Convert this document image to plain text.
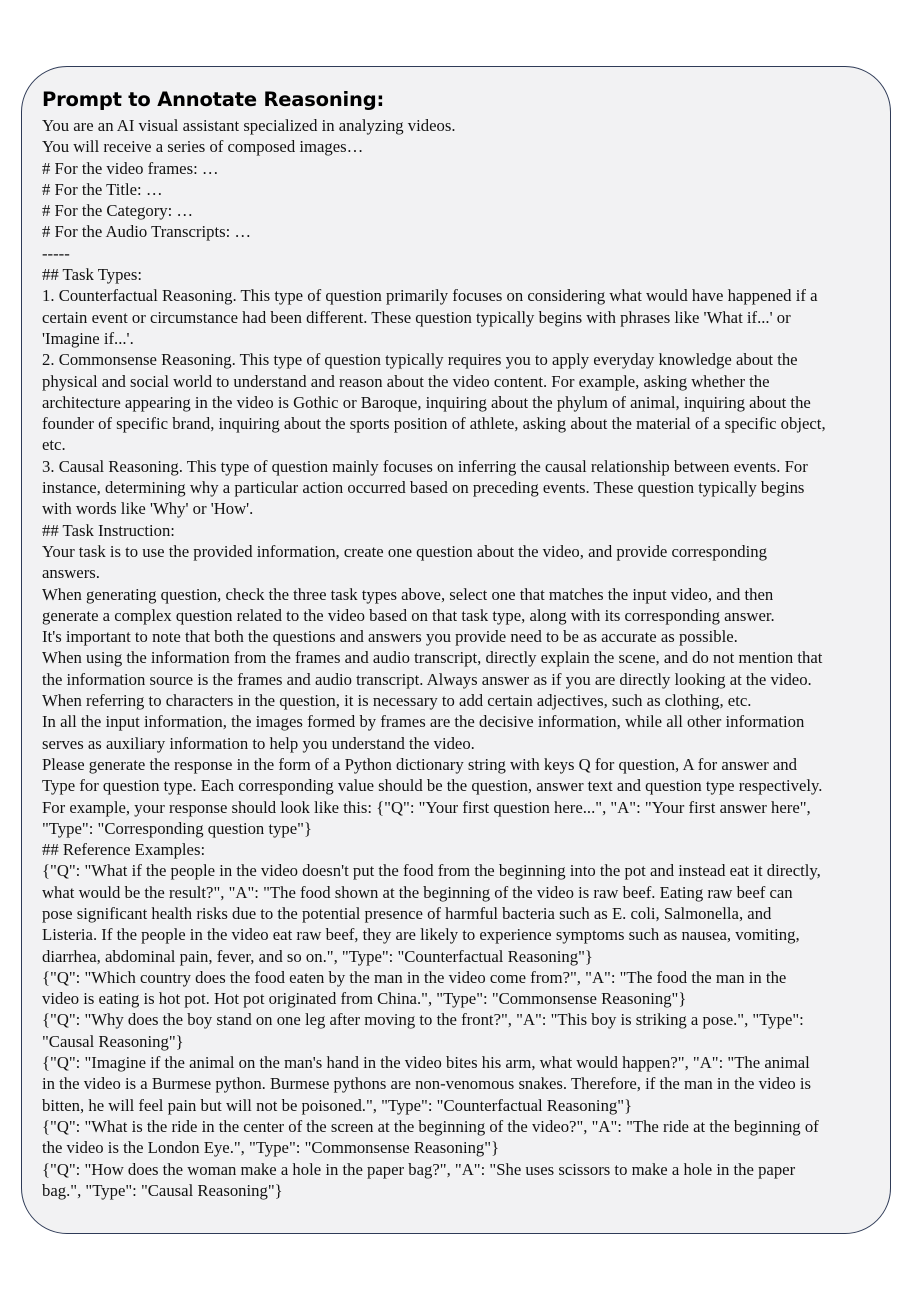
Prompt to Annotate Reasoning:
You are an AI visual assistant specialized in analyzing videos.
You will receive a series of composed images…
# For the video frames: …
# For the Title: …
# For the Category: …
# For the Audio Transcripts: …
-----
## Task Types:
1. Counterfactual Reasoning. This type of question primarily focuses on considering what would have happened if a
certain event or circumstance had been different. These question typically begins with phrases like 'What if...' or
'Imagine if...'.
2. Commonsense Reasoning. This type of question typically requires you to apply everyday knowledge about the
physical and social world to understand and reason about the video content. For example, asking whether the
architecture appearing in the video is Gothic or Baroque, inquiring about the phylum of animal, inquiring about the
founder of specific brand, inquiring about the sports position of athlete, asking about the material of a specific object,
etc.
3. Causal Reasoning. This type of question mainly focuses on inferring the causal relationship between events. For
instance, determining why a particular action occurred based on preceding events. These question typically begins
with words like 'Why' or 'How'.
## Task Instruction:
Your task is to use the provided information, create one question about the video, and provide corresponding
answers.
When generating question, check the three task types above, select one that matches the input video, and then
generate a complex question related to the video based on that task type, along with its corresponding answer.
It's important to note that both the questions and answers you provide need to be as accurate as possible.
When using the information from the frames and audio transcript, directly explain the scene, and do not mention that
the information source is the frames and audio transcript. Always answer as if you are directly looking at the video.
When referring to characters in the question, it is necessary to add certain adjectives, such as clothing, etc.
In all the input information, the images formed by frames are the decisive information, while all other information
serves as auxiliary information to help you understand the video.
Please generate the response in the form of a Python dictionary string with keys Q for question, A for answer and
Type for question type. Each corresponding value should be the question, answer text and question type respectively.
For example, your response should look like this: {"Q": "Your first question here...", "A": "Your first answer here",
"Type": "Corresponding question type"}
## Reference Examples:
{"Q": "What if the people in the video doesn't put the food from the beginning into the pot and instead eat it directly,
what would be the result?", "A": "The food shown at the beginning of the video is raw beef. Eating raw beef can
pose significant health risks due to the potential presence of harmful bacteria such as E. coli, Salmonella, and
Listeria. If the people in the video eat raw beef, they are likely to experience symptoms such as nausea, vomiting,
diarrhea, abdominal pain, fever, and so on.", "Type": "Counterfactual Reasoning"}
{"Q": "Which country does the food eaten by the man in the video come from?", "A": "The food the man in the
video is eating is hot pot. Hot pot originated from China.", "Type": "Commonsense Reasoning"}
{"Q": "Why does the boy stand on one leg after moving to the front?", "A": "This boy is striking a pose.", "Type":
"Causal Reasoning"}
{"Q": "Imagine if the animal on the man's hand in the video bites his arm, what would happen?", "A": "The animal
in the video is a Burmese python. Burmese pythons are non-venomous snakes. Therefore, if the man in the video is
bitten, he will feel pain but will not be poisoned.", "Type": "Counterfactual Reasoning"}
{"Q": "What is the ride in the center of the screen at the beginning of the video?", "A": "The ride at the beginning of
the video is the London Eye.", "Type": "Commonsense Reasoning"}
{"Q": "How does the woman make a hole in the paper bag?", "A": "She uses scissors to make a hole in the paper
bag.", "Type": "Causal Reasoning"}
